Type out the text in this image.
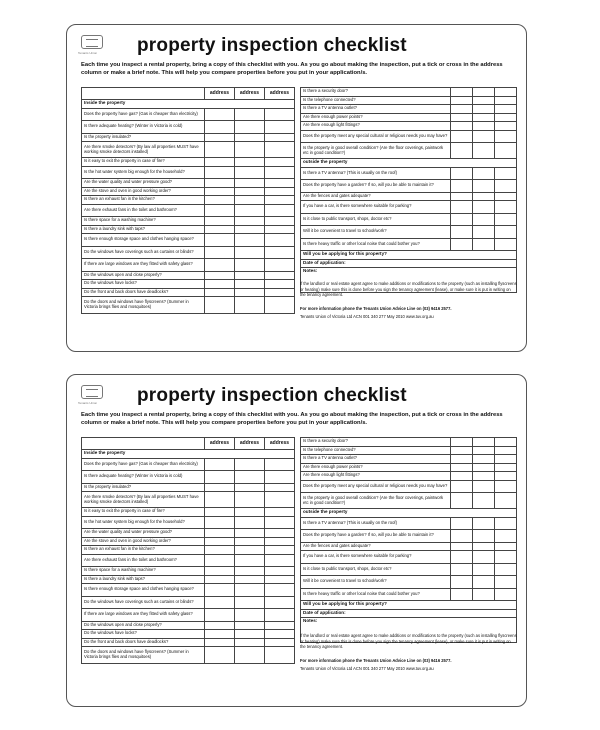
Tenants Union property inspection checklist
Each time you inspect a rental property, bring a copy of this checklist with you. As you go about making the inspection, put a tick or cross in the address column or make a brief note. This will help you compare properties before you put in your application/s.
address	address	address
Inside the property
Does the property have gas? (Gas is cheaper than electricity)
Is there adequate heating? (Winter in Victoria is cold)
Is the property insulated?
Are there smoke detectors? (By law all properties MUST have working smoke detectors installed)
Is it easy to exit the property in case of fire?
Is the hot water system big enough for the household?
Are the water quality and water pressure good?
Are the stove and oven in good working order?
Is there an exhaust fan in the kitchen?
Are there exhaust fans in the toilet and bathroom?
Is there space for a washing machine?
Is there a laundry sink with taps?
Is there enough storage space and clothes hanging space?
Do the windows have coverings such as curtains or blinds?
If there are large windows are they fitted with safety glass?
Do the windows open and close properly?
Do the windows have locks?
Do the front and back doors have deadlocks?
Do the doors and windows have flyscreens? (Summer in Victoria brings flies and mosquitoes)
Is there a security door?
Is the telephone connected?
Is there a TV antenna outlet?
Are there enough power points?
Are there enough light fittings?
Does the property meet any special cultural or religious needs you may have?
Is the property in good overall condition? (Are the floor coverings, paintwork etc in good condition?)
outside the property
Is there a TV antenna? (This is usually on the roof)
Does the property have a garden? If so, will you be able to maintain it?
Are the fences and gates adequate?
If you have a car, is there somewhere suitable for parking?
Is it close to public transport, shops, doctor etc?
Will it be convenient to travel to school/work?
Is there heavy traffic or other local noise that could bother you?
Will you be applying for this property?
Date of application:
Notes:
If the landlord or real estate agent agree to make additions or modifications to the property (such as installing flyscreens or heating) make sure this is done before you sign the tenancy agreement (lease), or make sure it is put in writing on the tenancy agreement.
For more information phone the Tenants Union Advice Line on (03) 9416 2577.
Tenants Union of Victoria Ltd ACN 001 340 277 May 2010 www.tuv.org.au
Tenants Union property inspection checklist
Each time you inspect a rental property, bring a copy of this checklist with you. As you go about making the inspection, put a tick or cross in the address column or make a brief note. This will help you compare properties before you put in your application/s.
address	address	address
Inside the property
Does the property have gas? (Gas is cheaper than electricity)
Is there adequate heating? (Winter in Victoria is cold)
Is the property insulated?
Are there smoke detectors? (By law all properties MUST have working smoke detectors installed)
Is it easy to exit the property in case of fire?
Is the hot water system big enough for the household?
Are the water quality and water pressure good?
Are the stove and oven in good working order?
Is there an exhaust fan in the kitchen?
Are there exhaust fans in the toilet and bathroom?
Is there space for a washing machine?
Is there a laundry sink with taps?
Is there enough storage space and clothes hanging space?
Do the windows have coverings such as curtains or blinds?
If there are large windows are they fitted with safety glass?
Do the windows open and close properly?
Do the windows have locks?
Do the front and back doors have deadlocks?
Do the doors and windows have flyscreens? (Summer in Victoria brings flies and mosquitoes)
Is there a security door?
Is the telephone connected?
Is there a TV antenna outlet?
Are there enough power points?
Are there enough light fittings?
Does the property meet any special cultural or religious needs you may have?
Is the property in good overall condition? (Are the floor coverings, paintwork etc in good condition?)
outside the property
Is there a TV antenna? (This is usually on the roof)
Does the property have a garden? If so, will you be able to maintain it?
Are the fences and gates adequate?
If you have a car, is there somewhere suitable for parking?
Is it close to public transport, shops, doctor etc?
Will it be convenient to travel to school/work?
Is there heavy traffic or other local noise that could bother you?
Will you be applying for this property?
Date of application:
Notes:
If the landlord or real estate agent agree to make additions or modifications to the property (such as installing flyscreens or heating) make sure this is done before you sign the tenancy agreement (lease), or make sure it is put in writing on the tenancy agreement.
For more information phone the Tenants Union Advice Line on (03) 9416 2577.
Tenants Union of Victoria Ltd ACN 001 340 277 May 2010 www.tuv.org.au
